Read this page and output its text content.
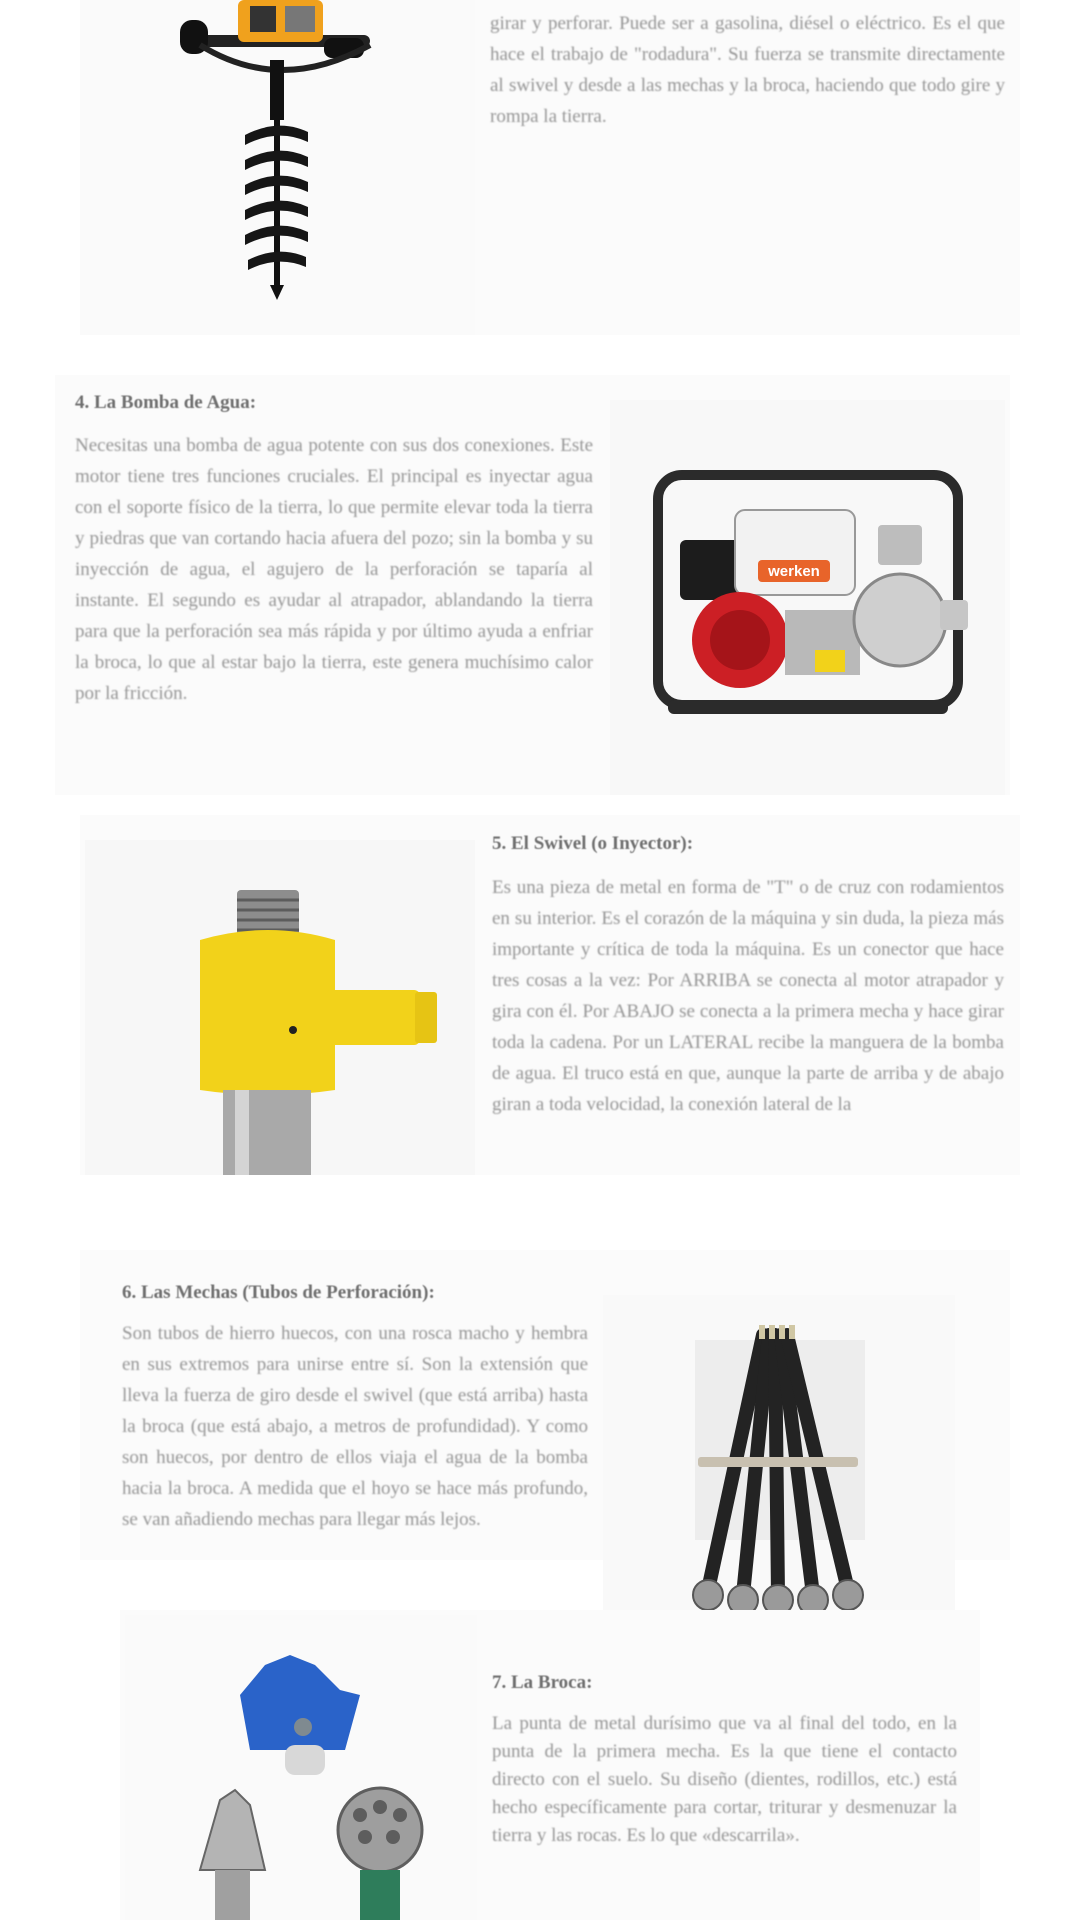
girar y perforar. Puede ser a gasolina, diésel o eléctrico. Es el que hace el trabajo de "rodadura". Su fuerza se transmite directamente al swivel y desde a las mechas y la broca, haciendo que todo gire y rompa la tierra.

4. La Bomba de Agua:

Necesitas una bomba de agua potente con sus dos conexiones. Este motor tiene tres funciones cruciales. El principal es inyectar agua con el soporte físico de la tierra, lo que permite elevar toda la tierra y piedras que van cortando hacia afuera del pozo; sin la bomba y su inyección de agua, el agujero de la perforación se taparía al instante. El segundo es ayudar al atrapador, ablandando la tierra para que la perforación sea más rápida y por último ayuda a enfriar la broca, lo que al estar bajo la tierra, este genera muchísimo calor por la fricción.

werken
5. El Swivel (o Inyector):

Es una pieza de metal en forma de "T" o de cruz con rodamientos en su interior. Es el corazón de la máquina y sin duda, la pieza más importante y crítica de toda la máquina. Es un conector que hace tres cosas a la vez: Por ARRIBA se conecta al motor atrapador y gira con él. Por ABAJO se conecta a la primera mecha y hace girar toda la cadena. Por un LATERAL recibe la manguera de la bomba de agua. El truco está en que, aunque la parte de arriba y de abajo giran a toda velocidad, la conexión lateral de la

6. Las Mechas (Tubos de Perforación):

Son tubos de hierro huecos, con una rosca macho y hembra en sus extremos para unirse entre sí. Son la extensión que lleva la fuerza de giro desde el swivel (que está arriba) hasta la broca (que está abajo, a metros de profundidad). Y como son huecos, por dentro de ellos viaja el agua de la bomba hacia la broca. A medida que el hoyo se hace más profundo, se van añadiendo mechas para llegar más lejos.

7. La Broca:

La punta de metal durísimo que va al final del todo, en la punta de la primera mecha. Es la que tiene el contacto directo con el suelo. Su diseño (dientes, rodillos, etc.) está hecho específicamente para cortar, triturar y desmenuzar la tierra y las rocas. Es lo que «descarrila».
